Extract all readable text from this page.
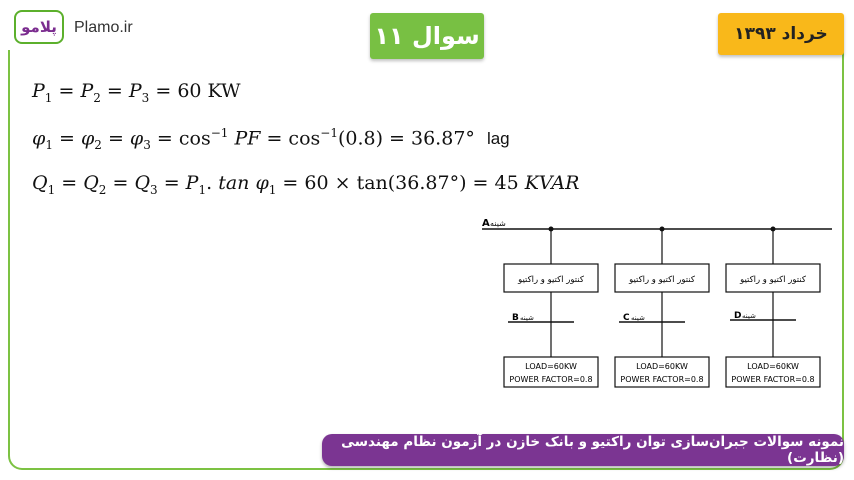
پلامو Plamo.ir	سوال ۱۱	خرداد ۱۳۹۳
$P_1 = P_2 = P_3 = 60$ KW
$\varphi_1 = \varphi_2 = \varphi_3 = \cos^{-1}$ PF = $\cos^{-1}(0.8) = 36.87^\circ$ lag
$Q_1 = Q_2 = Q_3 = P_1$. $\tan \varphi_1 = 60 \times \tan(36.87^\circ) = 45$ KVAR
A شینه
کنتور اکتیو و راکتیو
B شینه
LOAD=60KW
POWER FACTOR=0.8
کنتور اکتیو و راکتیو
C شینه
LOAD=60KW
POWER FACTOR=0.8
کنتور اکتیو و راکتیو
D شینه
LOAD=60KW
POWER FACTOR=0.8
نمونه سوالات جبران‌سازی توان راکتیو و بانک خازن در آزمون نظام مهندسی (نظارت)
